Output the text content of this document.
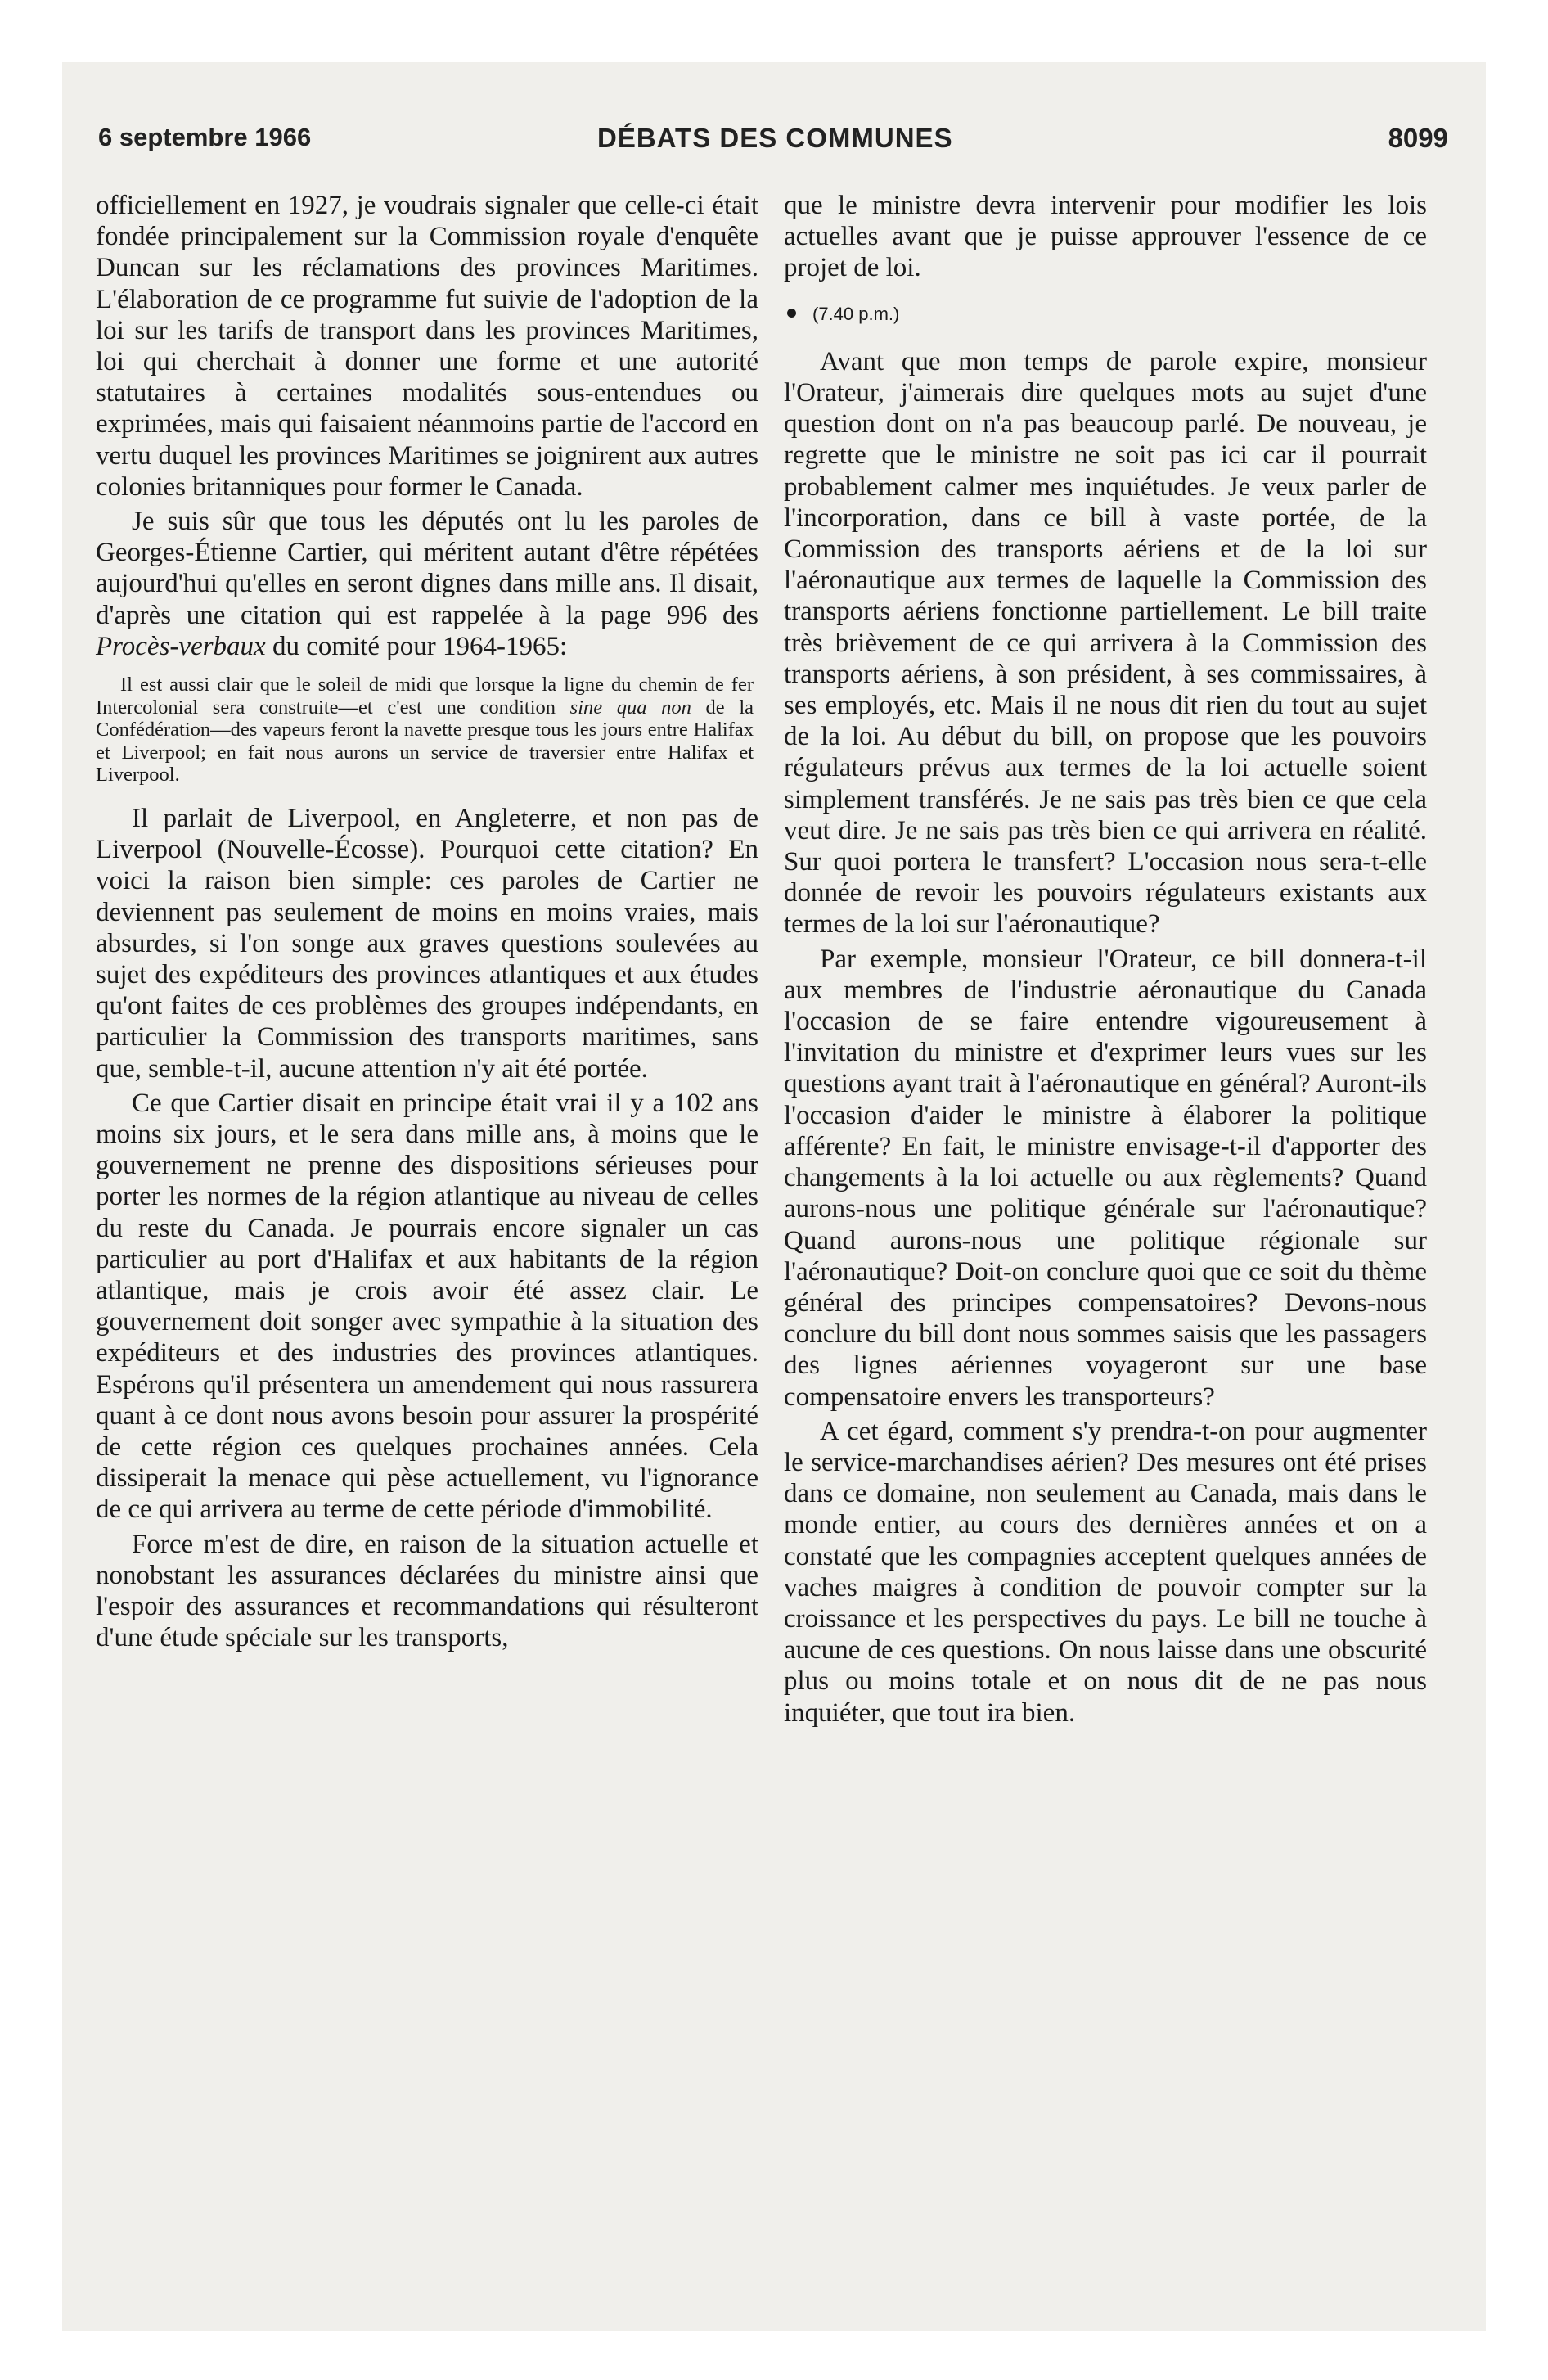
6 septembre 1966	DÉBATS DES COMMUNES	8099

officiellement en 1927, je voudrais signaler que celle-ci était fondée principalement sur la Commission royale d'enquête Duncan sur les réclamations des provinces Maritimes. L'élaboration de ce programme fut suivie de l'adoption de la loi sur les tarifs de transport dans les provinces Maritimes, loi qui cherchait à donner une forme et une autorité statutaires à certaines modalités sous-entendues ou exprimées, mais qui faisaient néanmoins partie de l'accord en vertu duquel les provinces Maritimes se joignirent aux autres colonies britanniques pour former le Canada.

Je suis sûr que tous les députés ont lu les paroles de Georges-Étienne Cartier, qui méritent autant d'être répétées aujourd'hui qu'elles en seront dignes dans mille ans. Il disait, d'après une citation qui est rappelée à la page 996 des Procès-verbaux du comité pour 1964-1965:

Il est aussi clair que le soleil de midi que lorsque la ligne du chemin de fer Intercolonial sera construite—et c'est une condition sine qua non de la Confédération—des vapeurs feront la navette presque tous les jours entre Halifax et Liverpool; en fait nous aurons un service de traversier entre Halifax et Liverpool.

Il parlait de Liverpool, en Angleterre, et non pas de Liverpool (Nouvelle-Écosse). Pourquoi cette citation? En voici la raison bien simple: ces paroles de Cartier ne deviennent pas seulement de moins en moins vraies, mais absurdes, si l'on songe aux graves questions soulevées au sujet des expéditeurs des provinces atlantiques et aux études qu'ont faites de ces problèmes des groupes indépendants, en particulier la Commission des transports maritimes, sans que, semble-t-il, aucune attention n'y ait été portée.

Ce que Cartier disait en principe était vrai il y a 102 ans moins six jours, et le sera dans mille ans, à moins que le gouvernement ne prenne des dispositions sérieuses pour porter les normes de la région atlantique au niveau de celles du reste du Canada. Je pourrais encore signaler un cas particulier au port d'Halifax et aux habitants de la région atlantique, mais je crois avoir été assez clair. Le gouvernement doit songer avec sympathie à la situation des expéditeurs et des industries des provinces atlantiques. Espérons qu'il présentera un amendement qui nous rassurera quant à ce dont nous avons besoin pour assurer la prospérité de cette région ces quelques prochaines années. Cela dissiperait la menace qui pèse actuellement, vu l'ignorance de ce qui arrivera au terme de cette période d'immobilité.

Force m'est de dire, en raison de la situation actuelle et nonobstant les assurances déclarées du ministre ainsi que l'espoir des assurances et recommandations qui résulteront d'une étude spéciale sur les transports,

que le ministre devra intervenir pour modifier les lois actuelles avant que je puisse approuver l'essence de ce projet de loi.

(7.40 p.m.)

Avant que mon temps de parole expire, monsieur l'Orateur, j'aimerais dire quelques mots au sujet d'une question dont on n'a pas beaucoup parlé. De nouveau, je regrette que le ministre ne soit pas ici car il pourrait probablement calmer mes inquiétudes. Je veux parler de l'incorporation, dans ce bill à vaste portée, de la Commission des transports aériens et de la loi sur l'aéronautique aux termes de laquelle la Commission des transports aériens fonctionne partiellement. Le bill traite très brièvement de ce qui arrivera à la Commission des transports aériens, à son président, à ses commissaires, à ses employés, etc. Mais il ne nous dit rien du tout au sujet de la loi. Au début du bill, on propose que les pouvoirs régulateurs prévus aux termes de la loi actuelle soient simplement transférés. Je ne sais pas très bien ce que cela veut dire. Je ne sais pas très bien ce qui arrivera en réalité. Sur quoi portera le transfert? L'occasion nous sera-t-elle donnée de revoir les pouvoirs régulateurs existants aux termes de la loi sur l'aéronautique?

Par exemple, monsieur l'Orateur, ce bill donnera-t-il aux membres de l'industrie aéronautique du Canada l'occasion de se faire entendre vigoureusement à l'invitation du ministre et d'exprimer leurs vues sur les questions ayant trait à l'aéronautique en général? Auront-ils l'occasion d'aider le ministre à élaborer la politique afférente? En fait, le ministre envisage-t-il d'apporter des changements à la loi actuelle ou aux règlements? Quand aurons-nous une politique générale sur l'aéronautique? Quand aurons-nous une politique régionale sur l'aéronautique? Doit-on conclure quoi que ce soit du thème général des principes compensatoires? Devons-nous conclure du bill dont nous sommes saisis que les passagers des lignes aériennes voyageront sur une base compensatoire envers les transporteurs?

A cet égard, comment s'y prendra-t-on pour augmenter le service-marchandises aérien? Des mesures ont été prises dans ce domaine, non seulement au Canada, mais dans le monde entier, au cours des dernières années et on a constaté que les compagnies acceptent quelques années de vaches maigres à condition de pouvoir compter sur la croissance et les perspectives du pays. Le bill ne touche à aucune de ces questions. On nous laisse dans une obscurité plus ou moins totale et on nous dit de ne pas nous inquiéter, que tout ira bien.
